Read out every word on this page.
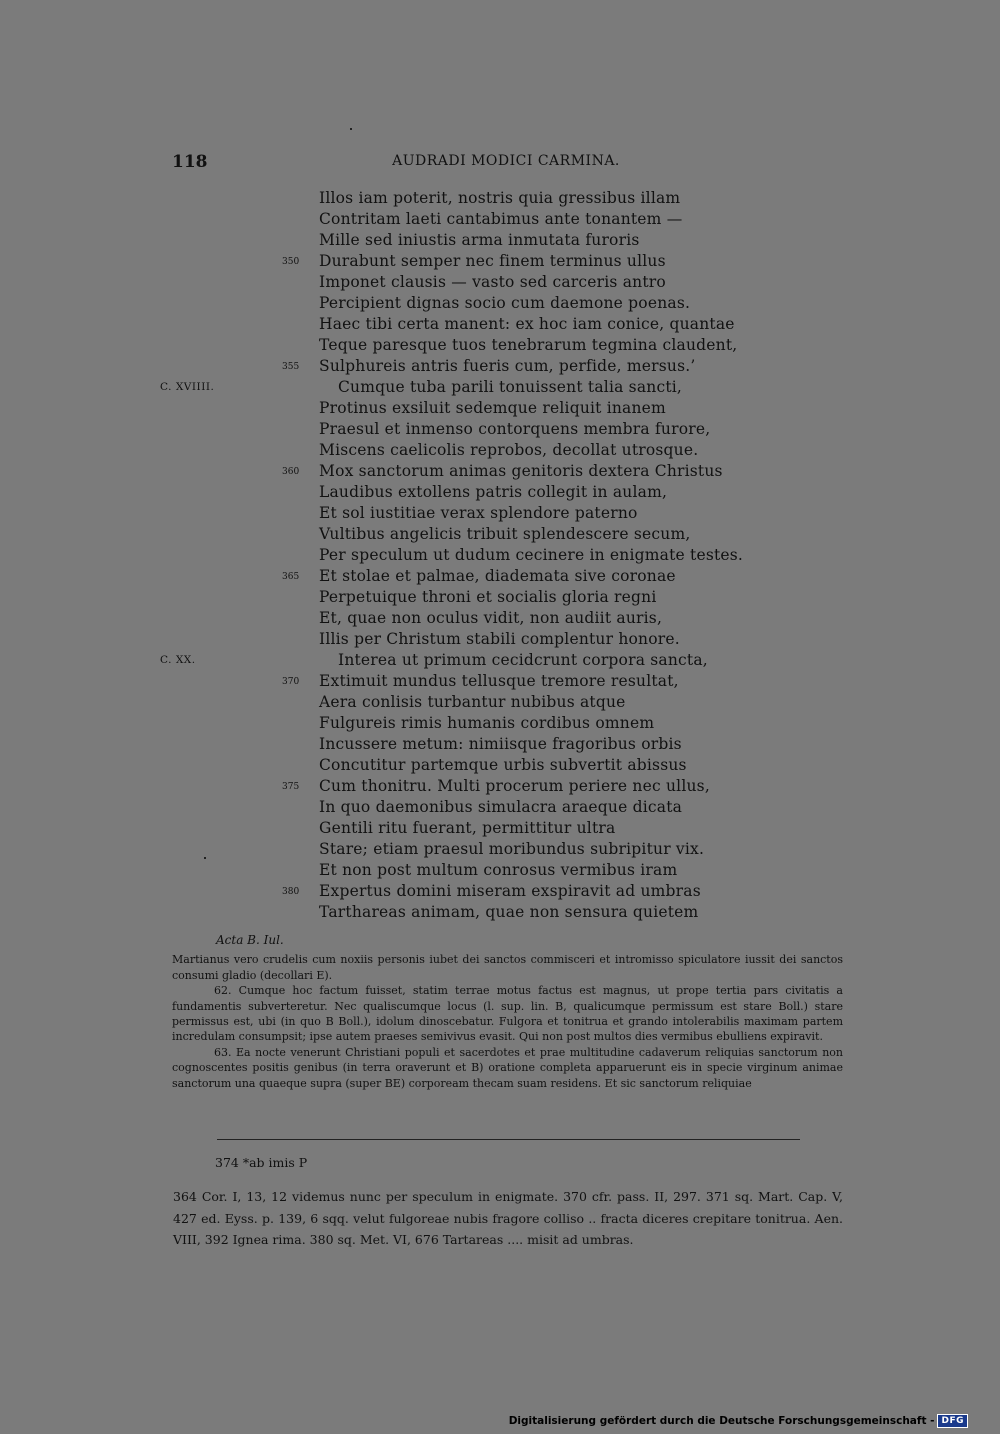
118	AUDRADI MODICI CARMINA.
Illos iam poterit, nostris quia gressibus illam
Contritam laeti cantabimus ante tonantem —
Mille sed iniustis arma inmutata furoris
350 Durabunt semper nec finem terminus ullus
Imponet clausis — vasto sed carceris antro
Percipient dignas socio cum daemone poenas.
Haec tibi certa manent: ex hoc iam conice, quantae
Teque paresque tuos tenebrarum tegmina claudent,
355 Sulphureis antris fueris cum, perfide, mersus.’
C. XVIIII.	Cumque tuba parili tonuissent talia sancti,
Protinus exsiluit sedemque reliquit inanem
Praesul et inmenso contorquens membra furore,
Miscens caelicolis reprobos, decollat utrosque.
360 Mox sanctorum animas genitoris dextera Christus
Laudibus extollens patris collegit in aulam,
Et sol iustitiae verax splendore paterno
Vultibus angelicis tribuit splendescere secum,
Per speculum ut dudum cecinere in enigmate testes.
365 Et stolae et palmae, diademata sive coronae
Perpetuique throni et socialis gloria regni
Et, quae non oculus vidit, non audiit auris,
Illis per Christum stabili complentur honore.
C. XX.	Interea ut primum cecidcrunt corpora sancta,
370 Extimuit mundus tellusque tremore resultat,
Aera conlisis turbantur nubibus atque
Fulgureis rimis humanis cordibus omnem
Incussere metum: nimiisque fragoribus orbis
Concutitur partemque urbis subvertit abissus
375 Cum thonitru. Multi procerum periere nec ullus,
In quo daemonibus simulacra araeque dicata
Gentili ritu fuerant, permittitur ultra
Stare; etiam praesul moribundus subripitur vix.
Et non post multum conrosus vermibus iram
380 Expertus domini miseram exspiravit ad umbras
Tarthareas animam, quae non sensura quietem
Acta B. Iul.

Martianus vero crudelis cum noxiis personis iubet dei sanctos commisceri et intromisso spiculatore iussit dei sanctos consumi gladio (decollari E).

62. Cumque hoc factum fuisset, statim terrae motus factus est magnus, ut prope tertia pars civitatis a fundamentis subverteretur. Nec qualiscumque locus (l. sup. lin. B, qualicumque permissum est stare Boll.) stare permissus est, ubi (in quo B Boll.), idolum dinoscebatur. Fulgora et tonitrua et grando intolerabilis maximam partem incredulam consumpsit; ipse autem praeses semivivus evasit. Qui non post multos dies vermibus ebulliens expiravit.

63. Ea nocte venerunt Christiani populi et sacerdotes et prae multitudine cadaverum reliquias sanctorum non cognoscentes positis genibus (in terra oraverunt et B) oratione completa apparuerunt eis in specie virginum animae sanctorum una quaeque supra (super BE) corpoream thecam suam residens. Et sic sanctorum reliquiae

374 *ab imis P
364 Cor. I, 13, 12 videmus nunc per speculum in enigmate. 370 cfr. pass. II, 297. 371 sq. Mart. Cap. V, 427 ed. Eyss. p. 139, 6 sqq. velut fulgoreae nubis fragore colliso .. fracta diceres crepitare tonitrua. Aen. VIII, 392 Ignea rima. 380 sq. Met. VI, 676 Tartareas .... misit ad umbras.
Digitalisierung gefördert durch die Deutsche Forschungsgemeinschaft - DFG
